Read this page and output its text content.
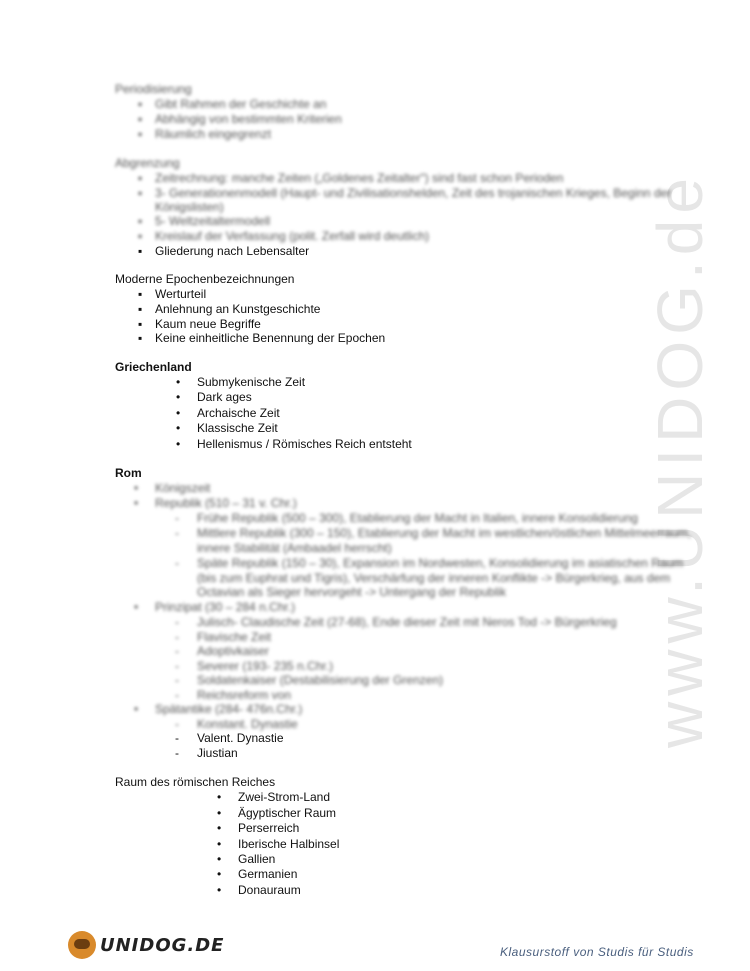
www.UNIDOG.de
Periodisierung
▪ Gibt Rahmen der Geschichte an
▪ Abhängig von bestimmten Kriterien
▪ Räumlich eingegrenzt
Abgrenzung
▪ Zeitrechnung: manche Zeiten („Goldenes Zeitalter") sind fast schon Perioden
▪ 3- Generationenmodell (Haupt- und Zivilisationshelden, Zeit des trojanischen Krieges, Beginn der
Königslisten)
▪ 5- Weltzeitaltermodell
▪ Kreislauf der Verfassung (polit. Zerfall wird deutlich)
▪ Gliederung nach Lebensalter
Moderne Epochenbezeichnungen
▪ Werturteil
▪ Anlehnung an Kunstgeschichte
▪ Kaum neue Begriffe
▪ Keine einheitliche Benennung der Epochen
Griechenland
• Submykenische Zeit
• Dark ages
• Archaische Zeit
• Klassische Zeit
• Hellenismus / Römisches Reich entsteht
Rom
• Königszeit
• Republik (510 – 31 v. Chr.)
- Frühe Republik (500 – 300), Etablierung der Macht in Italien, innere Konsolidierung
- Mittlere Republik (300 – 150), Etablierung der Macht im westlichen/östlichen Mittelmeerraum,
innere Stabilität (Ambaadel herrscht)
- Späte Republik (150 – 30), Expansion im Nordwesten, Konsolidierung im asiatischen Raum
(bis zum Euphrat und Tigris), Verschärfung der inneren Konflikte -> Bürgerkrieg, aus dem
Octavian als Sieger hervorgeht -> Untergang der Republik
• Prinzipat (30 – 284 n.Chr.)
- Julisch- Claudische Zeit (27-68), Ende dieser Zeit mit Neros Tod -> Bürgerkrieg
- Flavische Zeit
- Adoptivkaiser
- Severer (193- 235 n.Chr.)
- Soldatenkaiser (Destabilisierung der Grenzen)
- Reichsreform von
• Spätantike (284- 476n.Chr.)
- Konstant. Dynastie
- Valent. Dynastie
- Jiustian
Raum des römischen Reiches
• Zwei-Strom-Land
• Ägyptischer Raum
• Perserreich
• Iberische Halbinsel
• Gallien
• Germanien
• Donauraum
UNIDOG.DE	Klausurstoff von Studis für Studis
